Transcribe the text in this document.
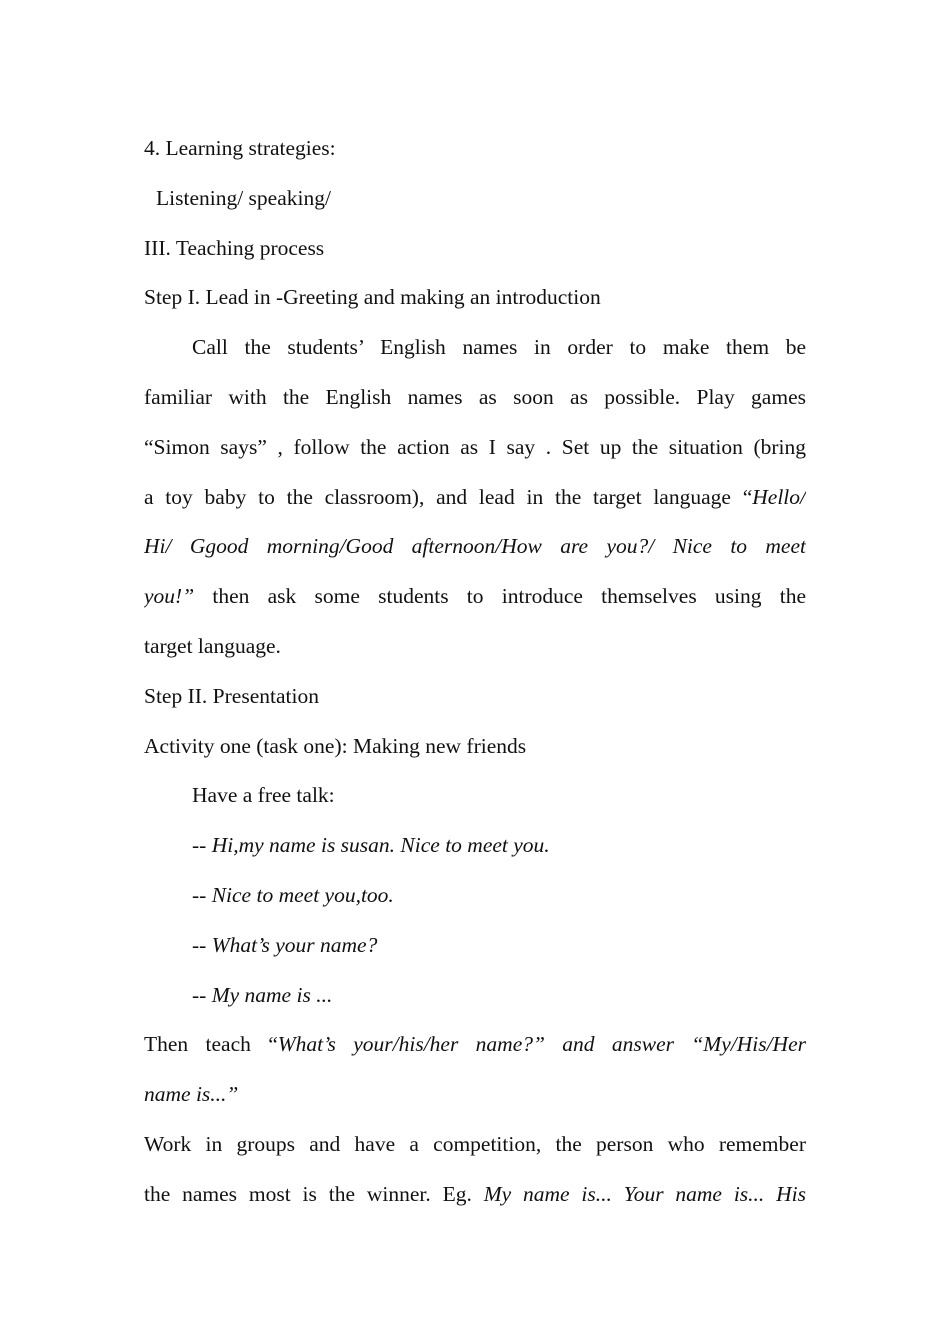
4. Learning strategies:
Listening/ speaking/
III. Teaching process
Step I. Lead in -Greeting and making an introduction
Call the students’ English names in order to make them be
familiar with the English names as soon as possible. Play games
“Simon says” , follow the action as I say . Set up the situation (bring
a toy baby to the classroom), and lead in the target language “Hello/
Hi/ Ggood morning/Good afternoon/How are you?/ Nice to meet
you!” then ask some students to introduce themselves using the
target language.
Step II. Presentation
Activity one (task one): Making new friends
Have a free talk:
-- Hi,my name is susan. Nice to meet you.
-- Nice to meet you,too.
-- What’s your name?
-- My name is ...
Then teach “What’s your/his/her name?” and answer “My/His/Her
name is...”
Work in groups and have a competition, the person who remember
the names most is the winner. Eg. My name is... Your name is... His
